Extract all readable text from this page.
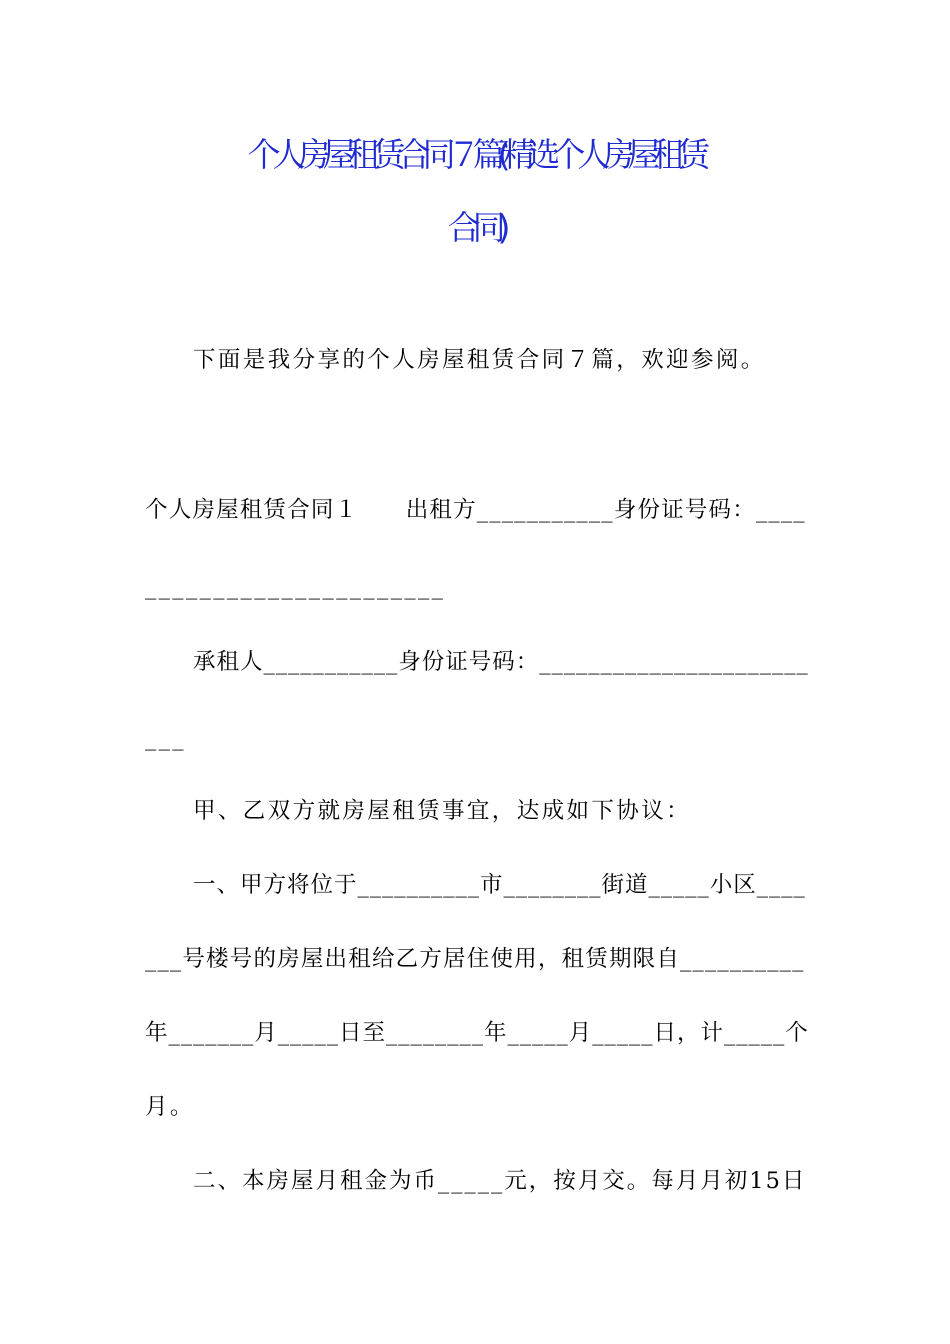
个人房屋租赁合同７篇(精选个人房屋租赁
合同)
下面是我分享的个人房屋租赁合同７篇，欢迎参阅。
个人房屋租赁合同１　　出租方___________身份证号码：____
______________________
承租人___________身份证号码：______________________
___
甲、乙双方就房屋租赁事宜，达成如下协议：
一、甲方将位于__________市________街道_____小区____
___号楼号的房屋出租给乙方居住使用，租赁期限自__________
年_______月_____日至________年_____月_____日，计_____个
月。
二、本房屋月租金为币_____元，按月交。每月月初15日
